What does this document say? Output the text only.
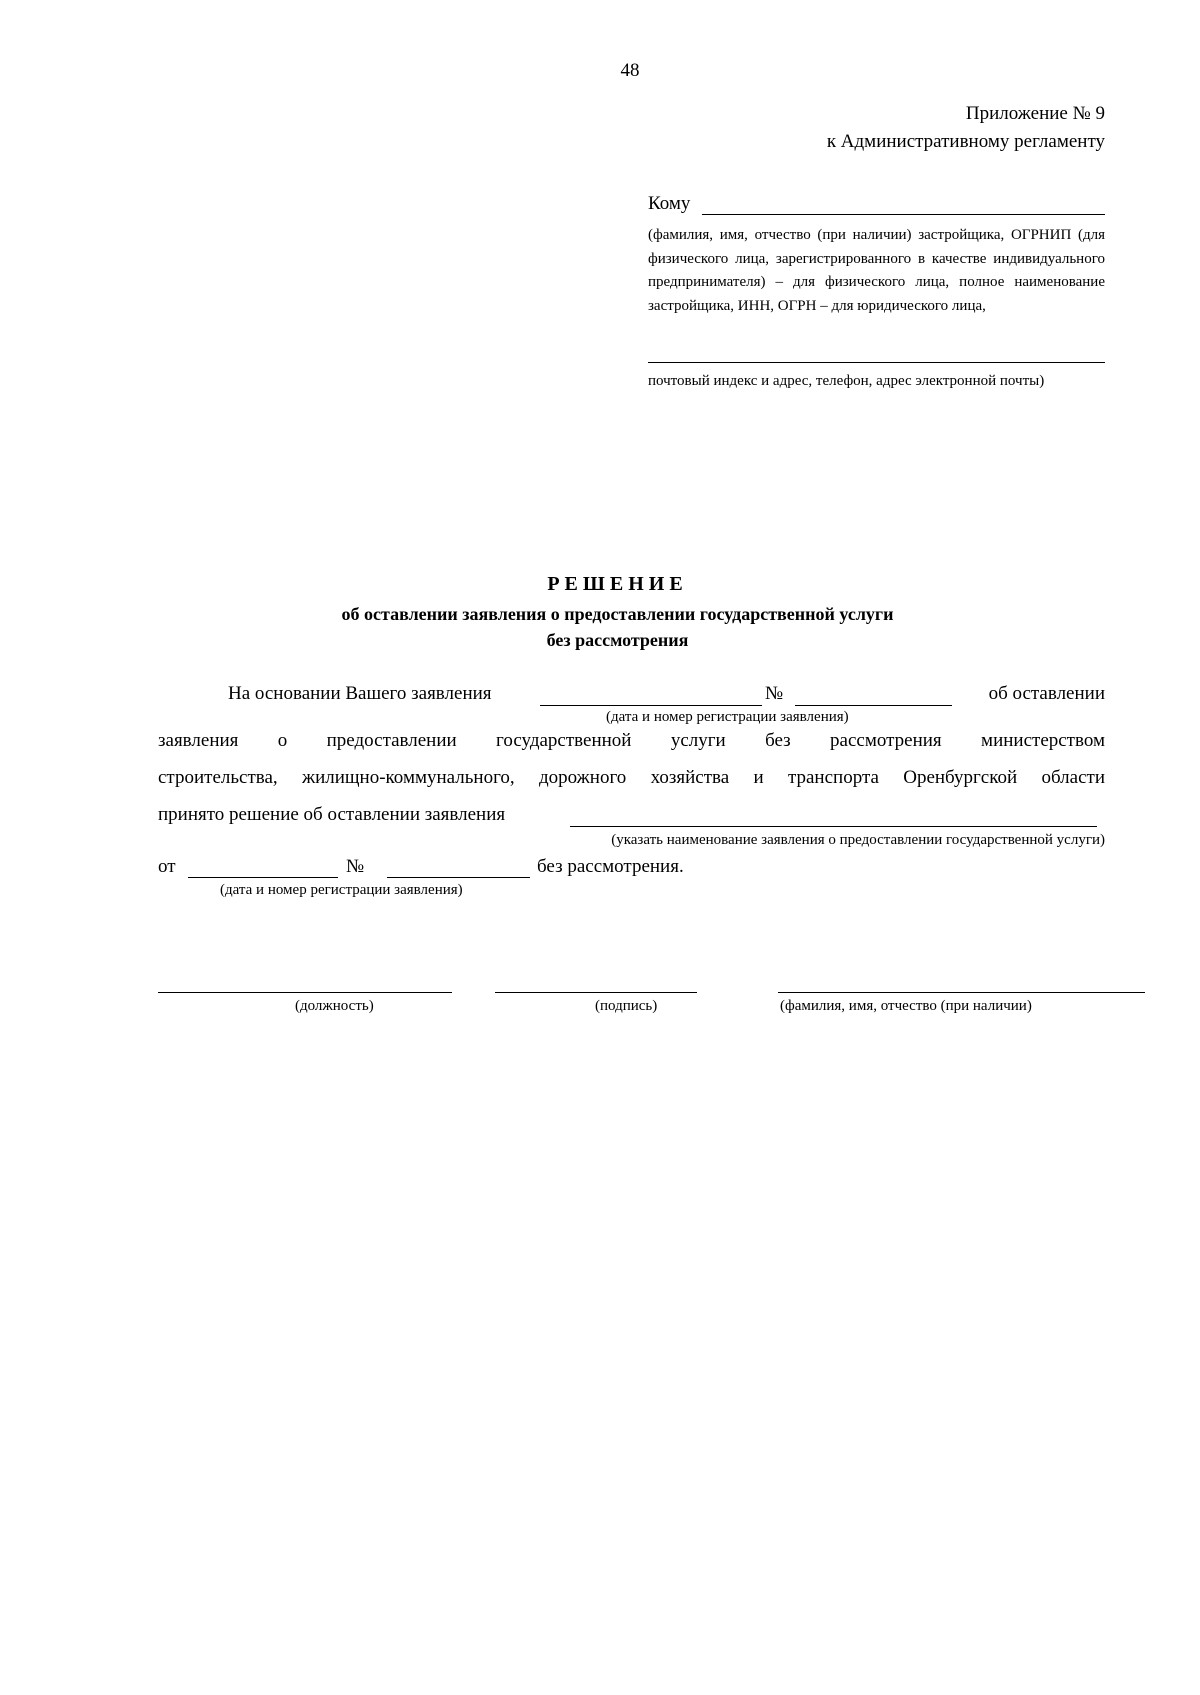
48
Приложение № 9
к Административному регламенту
Кому
(фамилия, имя, отчество (при наличии) застройщика, ОГРНИП (для физического лица, зарегистрированного в качестве индивидуального предпринимателя) – для физического лица, полное наименование застройщика, ИНН, ОГРН – для юридического лица,
почтовый индекс и адрес, телефон, адрес электронной почты)
РЕШЕНИЕ
об оставлении заявления о предоставлении государственной услуги
без рассмотрения
На основании Вашего заявления	№	об оставлении
(дата и номер регистрации заявления)
заявления о предоставлении государственной услуги без рассмотрения министерством
строительства, жилищно-коммунального, дорожного хозяйства и транспорта Оренбургской области
принято решение об оставлении заявления
(указать наименование заявления о предоставлении государственной услуги)
от	№	без рассмотрения.
(дата и номер регистрации заявления)
(должность)	(подпись)	(фамилия, имя, отчество (при наличии)
